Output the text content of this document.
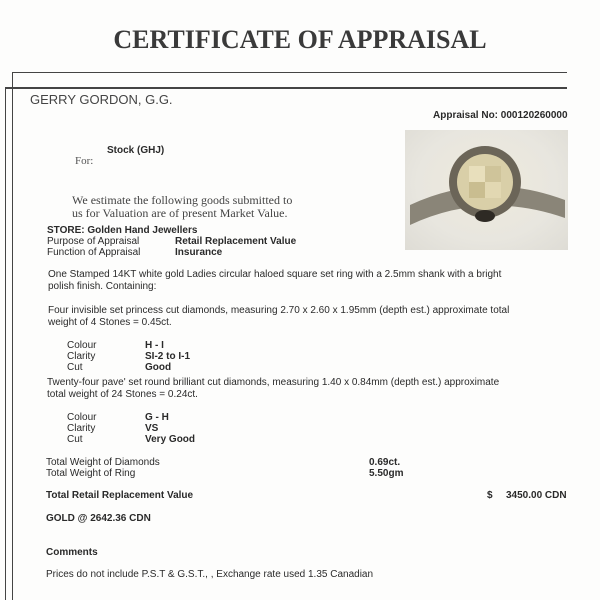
CERTIFICATE OF APPRAISAL
GERRY GORDON, G.G.
Appraisal No: 000120260000
Stock (GHJ)
For:
We estimate the following goods submitted to
us for Valuation are of present Market Value.
STORE: Golden Hand Jewellers
Purpose of Appraisal	Retail Replacement Value
Function of Appraisal	Insurance
One Stamped 14KT white gold Ladies circular haloed square set ring with a 2.5mm shank with a bright
polish finish. Containing:
Four invisible set princess cut diamonds, measuring 2.70 x 2.60 x 1.95mm (depth est.) approximate total
weight of 4 Stones = 0.45ct.
Colour	H - I
Clarity	SI-2 to I-1
Cut	Good
Twenty-four pave' set round brilliant cut diamonds, measuring 1.40 x 0.84mm (depth est.) approximate
total weight of 24 Stones = 0.24ct.
Colour	G - H
Clarity	VS
Cut	Very Good
Total Weight of Diamonds	0.69ct.
Total Weight of Ring	5.50gm
Total Retail Replacement Value	$ 3450.00 CDN
GOLD @ 2642.36 CDN
Comments
Prices do not include P.S.T & G.S.T., , Exchange rate used 1.35 Canadian
